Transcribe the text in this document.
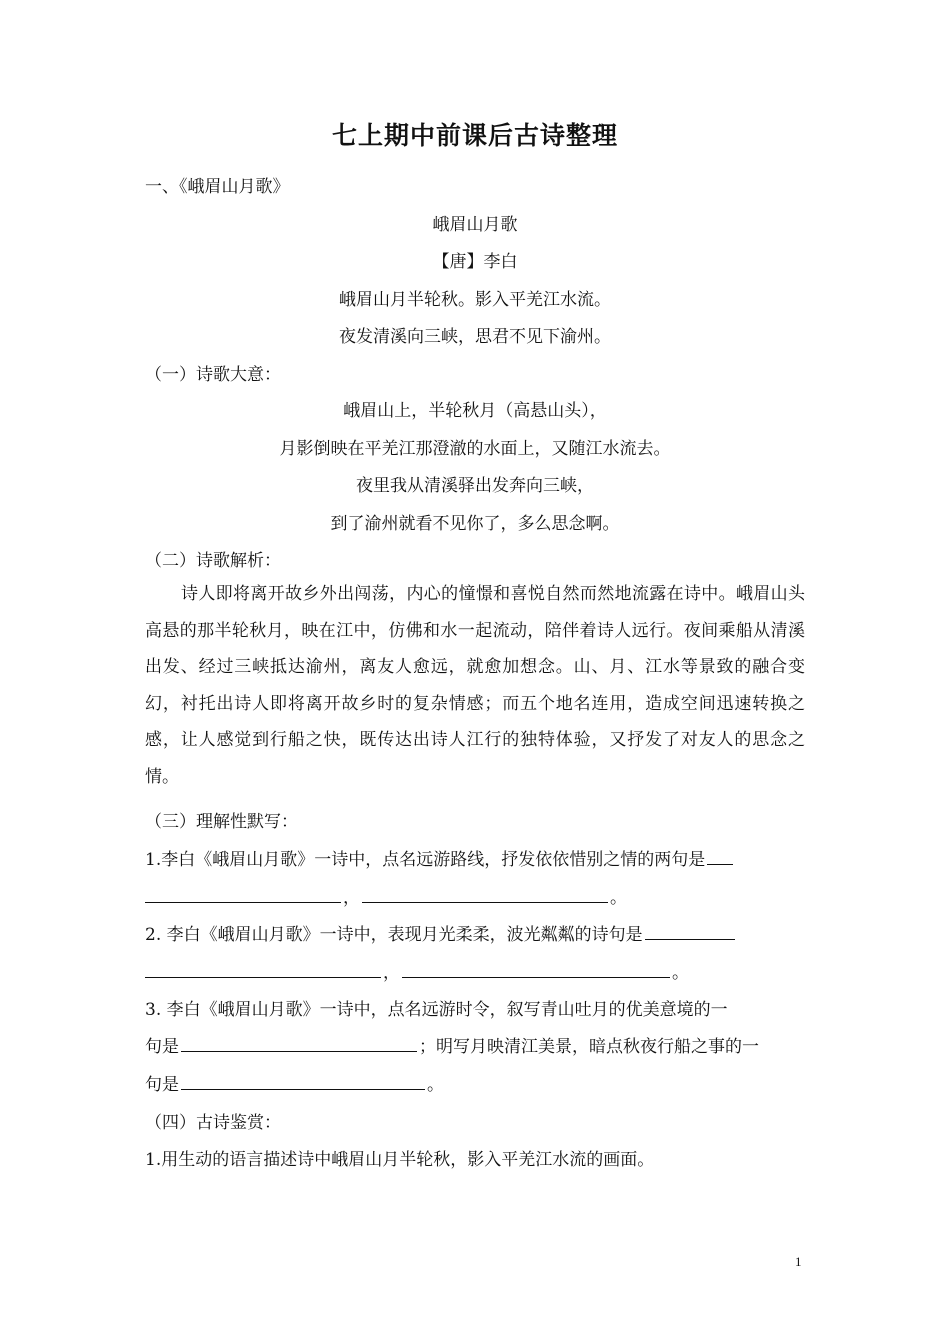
七上期中前课后古诗整理
一、《峨眉山月歌》
峨眉山月歌
【唐】李白
峨眉山月半轮秋。影入平羌江水流。
夜发清溪向三峡，思君不见下渝州。
（一）诗歌大意：
峨眉山上，半轮秋月（高悬山头），
月影倒映在平羌江那澄澈的水面上，又随江水流去。
夜里我从清溪驿出发奔向三峡，
到了渝州就看不见你了，多么思念啊。
（二）诗歌解析：
诗人即将离开故乡外出闯荡，内心的憧憬和喜悦自然而然地流露在诗中。峨眉山头高悬的那半轮秋月，映在江中，仿佛和水一起流动，陪伴着诗人远行。夜间乘船从清溪出发、经过三峡抵达渝州，离友人愈远，就愈加想念。山、月、江水等景致的融合变幻，衬托出诗人即将离开故乡时的复杂情感；而五个地名连用，造成空间迅速转换之感，让人感觉到行船之快，既传达出诗人江行的独特体验，又抒发了对友人的思念之情。
（三）理解性默写：
1.李白《峨眉山月歌》一诗中，点名远游路线，抒发依依惜别之情的两句是
，	。
2. 李白《峨眉山月歌》一诗中，表现月光柔柔，波光粼粼的诗句是
，	。
3. 李白《峨眉山月歌》一诗中，点名远游时令，叙写青山吐月的优美意境的一
句是	；明写月映清江美景，暗点秋夜行船之事的一
句是	。
（四）古诗鉴赏：
1.用生动的语言描述诗中峨眉山月半轮秋，影入平羌江水流的画面。
1
